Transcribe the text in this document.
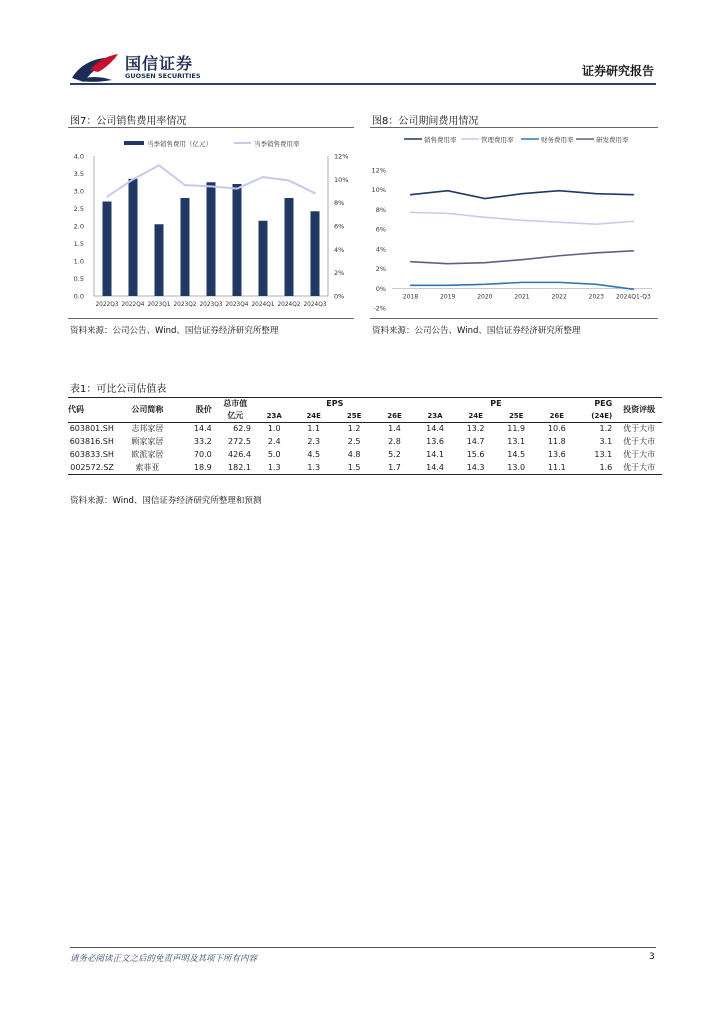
国信证券
GUOSEN SECURITIES	证券研究报告
图7：公司销售费用率情况
当季销售费用（亿元）	当季销售费用率
0.0
0.5
1.0
1.5
2.0
2.5
3.0
3.5
4.0
0%
2%
4%
6%
8%
10%
12%
2022Q3 2022Q4 2023Q1 2023Q2 2023Q3 2023Q4 2024Q1 2024Q2 2024Q3
资料来源：公司公告、Wind、国信证券经济研究所整理
图8：公司期间费用情况
销售费用率	管理费用率	财务费用率	研发费用率
-2%
0%
2%
4%
6%
8%
10%
12%
2018	2019	2020	2021	2022	2023 2024Q1-Q3
资料来源：公司公告、Wind、国信证券经济研究所整理
表1：可比公司估值表
代码	公司简称	股价	总市值	EPS				PE				PEG	投资评级
			亿元	23A	24E	25E	26E	23A	24E	25E	26E	(24E)	

603801.SH	志邦家居	14.4	62.9	1.0	1.1	1.2	1.4	14.4	13.2	11.9	10.6	1.2	优于大市
603816.SH	顾家家居	33.2	272.5	2.4	2.3	2.5	2.8	13.6	14.7	13.1	11.8	3.1	优于大市
603833.SH	欧派家居	70.0	426.4	5.0	4.5	4.8	5.2	14.1	15.6	14.5	13.6	13.1	优于大市
002572.SZ	索菲亚	18.9	182.1	1.3	1.3	1.5	1.7	14.4	14.3	13.0	11.1	1.6	优于大市
资料来源：Wind、国信证券经济研究所整理和预测
请务必阅读正文之后的免责声明及其项下所有内容	3
